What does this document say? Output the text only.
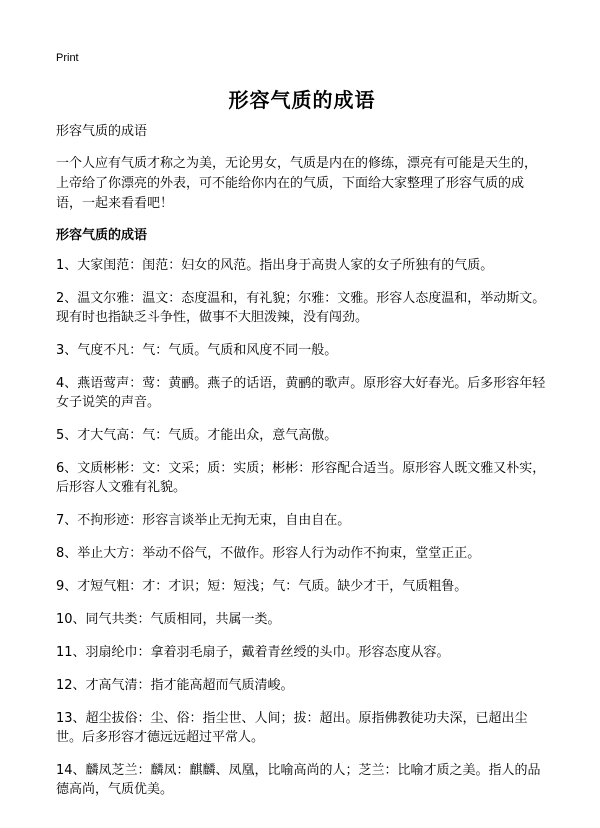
Print
形容气质的成语
形容气质的成语
一个人应有气质才称之为美，无论男女，气质是内在的修练，漂亮有可能是天生的，上帝给了你漂亮的外表，可不能给你内在的气质，下面给大家整理了形容气质的成语，一起来看看吧！
形容气质的成语
1、大家闺范：闺范：妇女的风范。指出身于高贵人家的女子所独有的气质。
2、温文尔雅：温文：态度温和，有礼貌；尔雅：文雅。形容人态度温和，举动斯文。现有时也指缺乏斗争性，做事不大胆泼辣，没有闯劲。
3、气度不凡：气：气质。气质和风度不同一般。
4、燕语莺声：莺：黄鹂。燕子的话语，黄鹂的歌声。原形容大好春光。后多形容年轻女子说笑的声音。
5、才大气高：气：气质。才能出众，意气高傲。
6、文质彬彬：文：文采；质：实质；彬彬：形容配合适当。原形容人既文雅又朴实，后形容人文雅有礼貌。
7、不拘形迹：形容言谈举止无拘无束，自由自在。
8、举止大方：举动不俗气，不做作。形容人行为动作不拘束，堂堂正正。
9、才短气粗：才：才识；短：短浅；气：气质。缺少才干，气质粗鲁。
10、同气共类：气质相同，共属一类。
11、羽扇纶巾：拿着羽毛扇子，戴着青丝绶的头巾。形容态度从容。
12、才高气清：指才能高超而气质清峻。
13、超尘拔俗：尘、俗：指尘世、人间；拔：超出。原指佛教徒功夫深，已超出尘世。后多形容才德远远超过平常人。
14、麟凤芝兰：麟凤：麒麟、凤凰，比喻高尚的人；芝兰：比喻才质之美。指人的品德高尚，气质优美。
